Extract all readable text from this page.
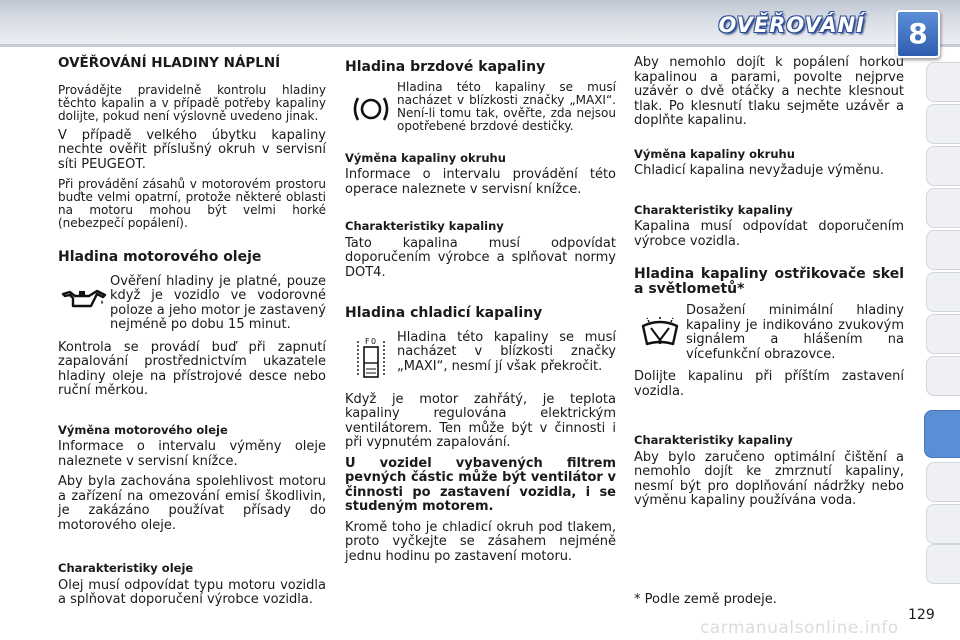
OVĚŘOVÁNÍ	8
OVĚŘOVÁNÍ HLADINY NÁPLNÍ

Provádějte pravidelně kontrolu hladiny těchto kapalin a v případě potřeby kapaliny dolijte, pokud není výslovně uvedeno jinak.

V případě velkého úbytku kapaliny nechte ověřit příslušný okruh v servisní síti PEUGEOT.

Při provádění zásahů v motorovém prostoru buďte velmi opatrní, protože některé oblasti na motoru mohou být velmi horké (nebezpečí popálení).

Hladina motorového oleje

Ověření hladiny je platné, pouze když je vozidlo ve vodorovné poloze a jeho motor je zastavený nejméně po dobu 15 minut.

Kontrola se provádí buď při zapnutí zapalování prostřednictvím ukazatele hladiny oleje na přístrojové desce nebo ruční měrkou.

Výměna motorového oleje

Informace o intervalu výměny oleje naleznete v servisní knížce.

Aby byla zachována spolehlivost motoru a zařízení na omezování emisí škodlivin, je zakázáno používat přísady do motorového oleje.

Charakteristiky oleje

Olej musí odpovídat typu motoru vozidla a splňovat doporučení výrobce vozidla.

Hladina brzdové kapaliny

Hladina této kapaliny se musí nacházet v blízkosti značky „MAXI“. Není-li tomu tak, ověřte, zda nejsou opotřebené brzdové destičky.

Výměna kapaliny okruhu

Informace o intervalu provádění této operace naleznete v servisní knížce.

Charakteristiky kapaliny

Tato kapalina musí odpovídat doporučením výrobce a splňovat normy DOT4.

Hladina chladicí kapaliny
F 0 Hladina této kapaliny se musí nacházet v blízkosti značky „MAXI“, nesmí jí však překročit.

Když je motor zahřátý, je teplota kapaliny regulována elektrickým ventilátorem. Ten může být v činnosti i při vypnutém zapalování.

U vozidel vybavených filtrem pevných částic může být ventilátor v činnosti po zastavení vozidla, i se studeným motorem.

Kromě toho je chladicí okruh pod tlakem, proto vyčkejte se zásahem nejméně jednu hodinu po zastavení motoru.

Aby nemohlo dojít k popálení horkou kapalinou a parami, povolte nejprve uzávěr o dvě otáčky a nechte klesnout tlak. Po klesnutí tlaku sejměte uzávěr a doplňte kapalinu.

Výměna kapaliny okruhu

Chladicí kapalina nevyžaduje výměnu.

Charakteristiky kapaliny

Kapalina musí odpovídat doporučením výrobce vozidla.

Hladina kapaliny ostřikovače skel a světlometů*

Dosažení minimální hladiny kapaliny je indikováno zvukovým signálem a hlášením na vícefunkční obrazovce.

Dolijte kapalinu při příštím zastavení vozidla.

Charakteristiky kapaliny

Aby bylo zaručeno optimální čištění a nemohlo dojít ke zmrznutí kapaliny, nesmí být pro doplňování nádržky nebo výměnu kapaliny používána voda.

* Podle země prodeje.
carmanualsonline.info
129
